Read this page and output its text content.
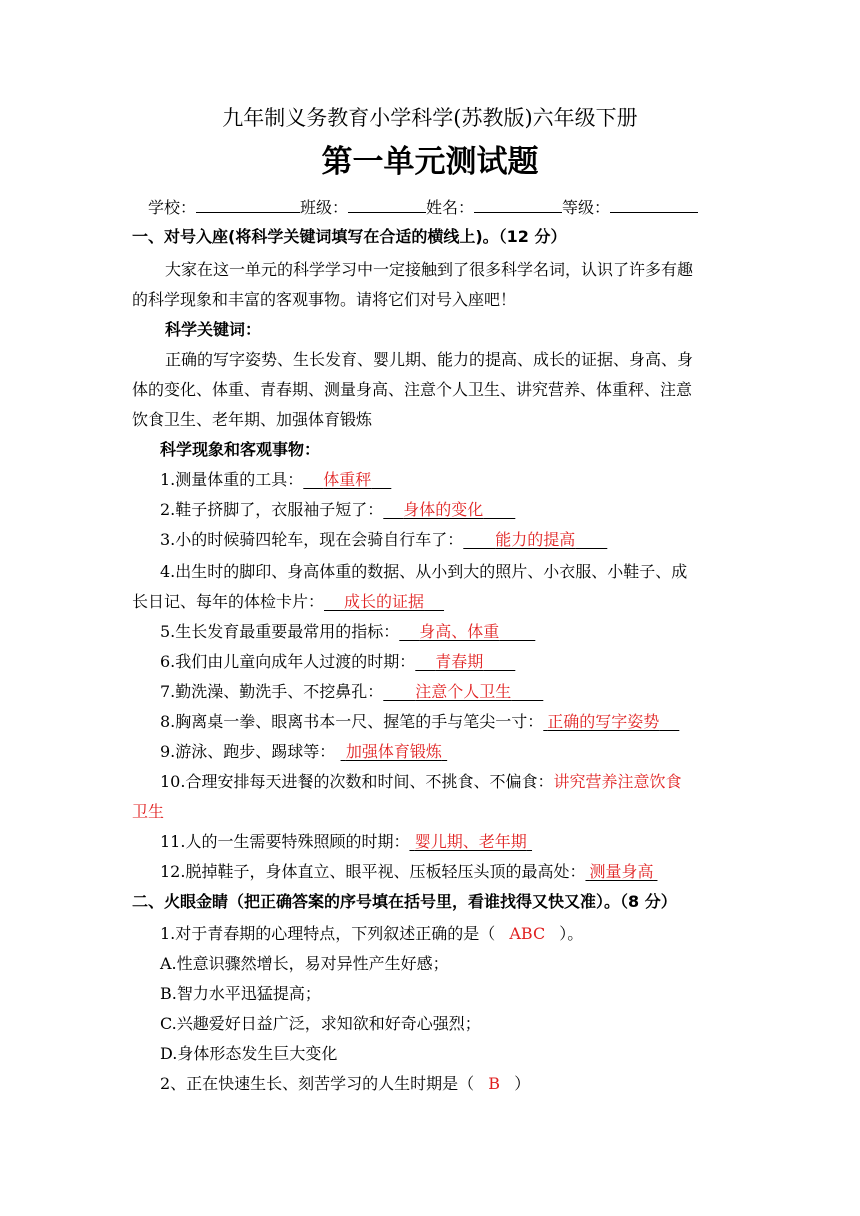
九年制义务教育小学科学(苏教版)六年级下册
第一单元测试题
学校：	班级：	姓名：	等级：
一、对号入座(将科学关键词填写在合适的横线上)。（12 分）
大家在这一单元的科学学习中一定接触到了很多科学名词，认识了许多有趣
的科学现象和丰富的客观事物。请将它们对号入座吧！
科学关键词：
正确的写字姿势、生长发育、婴儿期、能力的提高、成长的证据、身高、身
体的变化、体重、青春期、测量身高、注意个人卫生、讲究营养、体重秤、注意
饮食卫生、老年期、加强体育锻炼
科学现象和客观事物：
1.测量体重的工具：   体重秤  
2.鞋子挤脚了，衣服袖子短了：   身体的变化  
3.小的时候骑四轮车，现在会骑自行车了：   能力的提高  
4.出生时的脚印、身高体重的数据、从小到大的照片、小衣服、小鞋子、成
长日记、每年的体检卡片：   成长的证据  
5.生长发育最重要最常用的指标：   身高、体重   
6.我们由儿童向成年人过渡的时期：   青春期  
7.勤洗澡、勤洗手、不挖鼻孔：   注意个人卫生  
8.胸离桌一拳、眼离书本一尺、握笔的手与笔尖一寸：  正确的写字姿势  
9.游泳、跑步、踢球等：   加强体育锻炼 
10.合理安排每天进餐的次数和时间、不挑食、不偏食：讲究营养注意饮食
卫生
11.人的一生需要特殊照顾的时期：  婴儿期、老年期 
12.脱掉鞋子，身体直立、眼平视、压板轻压头顶的最高处：  测量身高 
二、火眼金睛（把正确答案的序号填在括号里，看谁找得又快又准）。（8 分）
1.对于青春期的心理特点，下列叙述正确的是（ ABC ）。
A.性意识骤然增长，易对异性产生好感；
B.智力水平迅猛提高；
C.兴趣爱好日益广泛，求知欲和好奇心强烈；
D.身体形态发生巨大变化
2、正在快速生长、刻苦学习的人生时期是（ B ）
